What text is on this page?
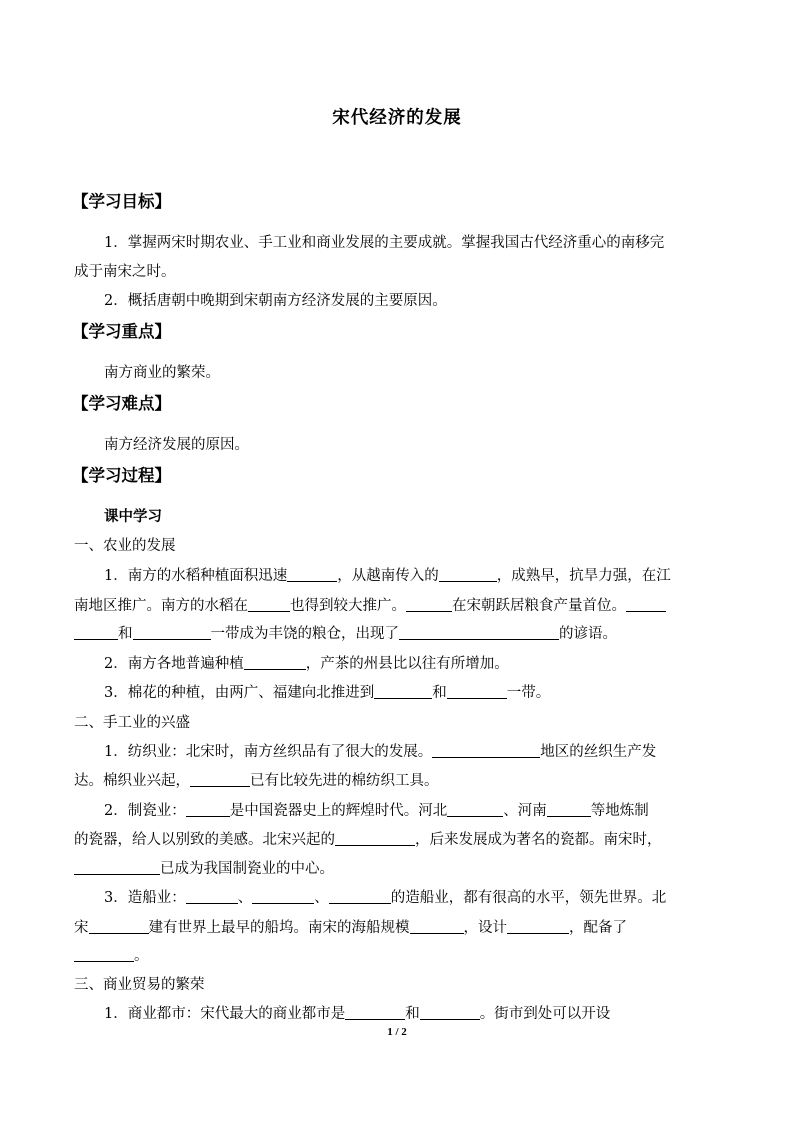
宋代经济的发展
【学习目标】
1．掌握两宋时期农业、手工业和商业发展的主要成就。掌握我国古代经济重心的南移完
成于南宋之时。
2．概括唐朝中晚期到宋朝南方经济发展的主要原因。
【学习重点】
南方商业的繁荣。
【学习难点】
南方经济发展的原因。
【学习过程】
课中学习
一、农业的发展
1．南方的水稻种植面积迅速	，从越南传入的	，成熟早，抗旱力强，在江
南地区推广。南方的水稻在	也得到较大推广。	在宋朝跃居粮食产量首位。
和	一带成为丰饶的粮仓，出现了	的谚语。
2．南方各地普遍种植	，产茶的州县比以往有所增加。
3．棉花的种植，由两广、福建向北推进到	和	一带。
二、手工业的兴盛
1．纺织业：北宋时，南方丝织品有了很大的发展。	地区的丝织生产发
达。棉织业兴起，	已有比较先进的棉纺织工具。
2．制瓷业：	是中国瓷器史上的辉煌时代。河北	、河南	等地炼制
的瓷器，给人以别致的美感。北宋兴起的	，后来发展成为著名的瓷都。南宋时，
已成为我国制瓷业的中心。
3．造船业：	、	、	的造船业，都有很高的水平，领先世界。北
宋	建有世界上最早的船坞。南宋的海船规模	，设计	，配备了
。
三、商业贸易的繁荣
1．商业都市：宋代最大的商业都市是	和	。街市到处可以开设
1 / 2
